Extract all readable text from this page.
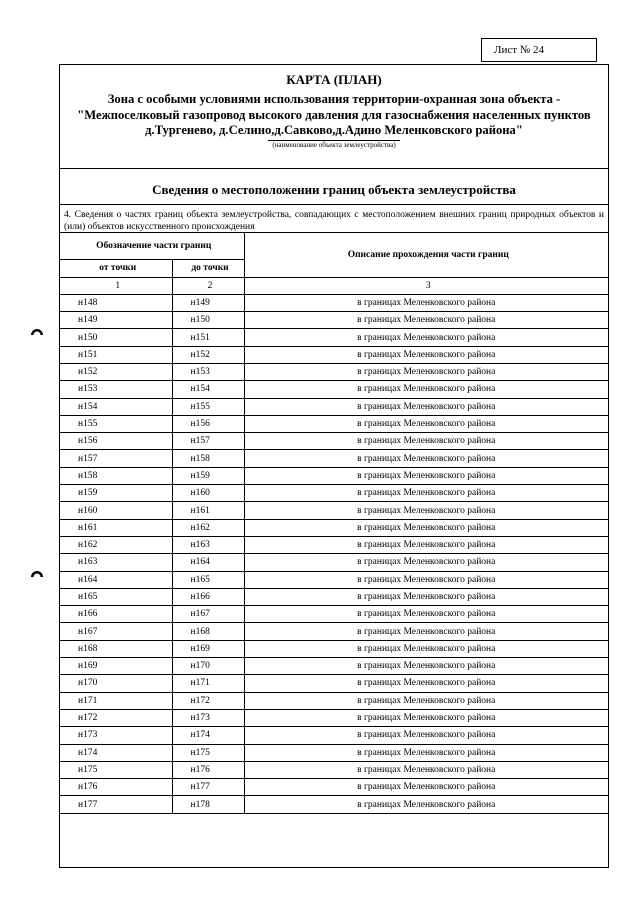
Лист № 24
КАРТА (ПЛАН)
Зона с особыми условиями использования территории-охранная зона объекта -"Межпоселковый газопровод высокого давления для газоснабжения населенных пунктов д.Тургенево, д.Селино,д.Савково,д.Адино Меленковского района"
(наименование объекта землеустройства)
Сведения о местоположении границ объекта землеустройства
4. Сведения о частях границ объекта землеустройства, совпадающих с местоположением внешних границ природных объектов и (или) объектов искусственного происхождения
Обозначение части границ		Описание прохождения части границ
от точки	до точки	
1	2	3
н148	н149	в границах Меленковского района
н149	н150	в границах Меленковского района
н150	н151	в границах Меленковского района
н151	н152	в границах Меленковского района
н152	н153	в границах Меленковского района
н153	н154	в границах Меленковского района
н154	н155	в границах Меленковского района
н155	н156	в границах Меленковского района
н156	н157	в границах Меленковского района
н157	н158	в границах Меленковского района
н158	н159	в границах Меленковского района
н159	н160	в границах Меленковского района
н160	н161	в границах Меленковского района
н161	н162	в границах Меленковского района
н162	н163	в границах Меленковского района
н163	н164	в границах Меленковского района
н164	н165	в границах Меленковского района
н165	н166	в границах Меленковского района
н166	н167	в границах Меленковского района
н167	н168	в границах Меленковского района
н168	н169	в границах Меленковского района
н169	н170	в границах Меленковского района
н170	н171	в границах Меленковского района
н171	н172	в границах Меленковского района
н172	н173	в границах Меленковского района
н173	н174	в границах Меленковского района
н174	н175	в границах Меленковского района
н175	н176	в границах Меленковского района
н176	н177	в границах Меленковского района
н177	н178	в границах Меленковского района
